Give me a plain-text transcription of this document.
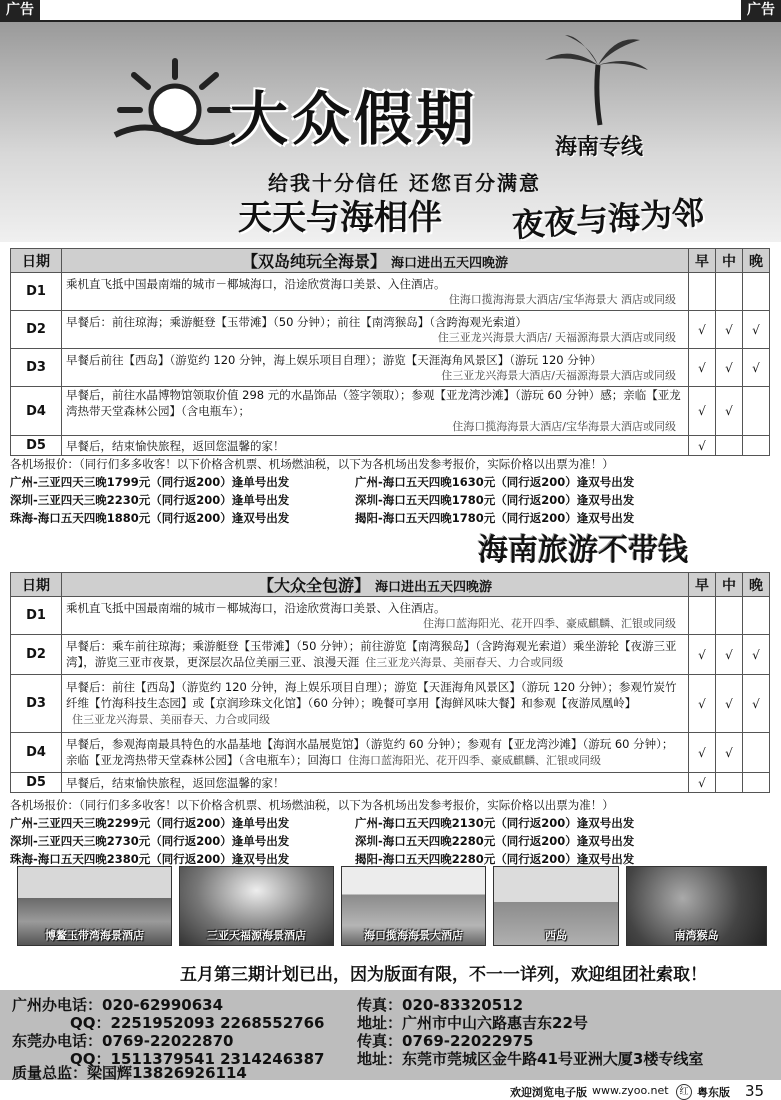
广告	广告
大众假期	海南专线
给我十分信任 还您百分满意
夜夜与海为邻
天天与海相伴
日期	【双岛纯玩全海景】 海口进出五天四晚游	早	中	晚
D1	乘机直飞抵中国最南端的城市－椰城海口，沿途欣赏海口美景、入住酒店。
住海口揽海海景大酒店/宝华海景大 酒店或同级			

D2	早餐后：前往琼海；乘游艇登【玉带滩】（50 分钟）；前往【南湾猴岛】（含跨海观光索道）
住三亚龙兴海景大酒店/ 天福源海景大酒店或同级	√	√	√
D3	早餐后前往【西岛】（游览约 120 分钟，海上娱乐项目自理）；游览【天涯海角风景区】（游玩 120 分钟）
住三亚龙兴海景大酒店/天福源海景大酒店或同级	√	√	√
D4	早餐后，前往水晶博物馆领取价值 298 元的水晶饰品（签字领取）；参观【亚龙湾沙滩】（游玩 60 分钟）感；亲临【亚龙湾热带天堂森林公园】（含电瓶车）；
住海口揽海海景大酒店/宝华海景大酒店或同级	√	√	
D5	早餐后，结束愉快旅程，返回您温馨的家！	√		
各机场报价：（同行们多多收客！以下价格含机票、机场燃油税，以下为各机场出发参考报价，实际价格以出票为准！）
广州-三亚四天三晚1799元（同行返200）逢单号出发	广州-海口五天四晚1630元（同行返200）逢双号出发
深圳-三亚四天三晚2230元（同行返200）逢单号出发	深圳-海口五天四晚1780元（同行返200）逢双号出发
珠海-海口五天四晚1880元（同行返200）逢双号出发	揭阳-海口五天四晚1780元（同行返200）逢双号出发
海南旅游不带钱
日期	【大众全包游】 海口进出五天四晚游	早	中	晚
D1	乘机直飞抵中国最南端的城市－椰城海口，沿途欣赏海口美景、入住酒店。
住海口蓝海阳光、花开四季、豪威麒麟、汇银或同级			

D2	早餐后：乘车前往琼海；乘游艇登【玉带滩】（50 分钟）；前往游览【南湾猴岛】（含跨海观光索道）乘坐游轮【夜游三亚湾】，游览三亚市夜景，更深层次品位美丽三亚、浪漫天涯 住三亚龙兴海景、美丽春天、力合或同级	√	√	√
D3	早餐后：前往【西岛】（游览约 120 分钟，海上娱乐项目自理）；游览【天涯海角风景区】（游玩 120 分钟）；参观竹炭竹纤维【竹海科技生态园】或【京润珍珠文化馆】（60 分钟）；晚餐可享用【海鲜风味大餐】和参观【夜游凤凰岭】
住三亚龙兴海景、美丽春天、力合或同级	√	√	√
D4	早餐后，参观海南最具特色的水晶基地【海润水晶展览馆】（游览约 60 分钟）；参观有【亚龙湾沙滩】（游玩 60 分钟）；亲临【亚龙湾热带天堂森林公园】（含电瓶车）；回海口 住海口蓝海阳光、花开四季、豪威麒麟、汇银或同级	√	√	
D5	早餐后，结束愉快旅程，返回您温馨的家！	√		
各机场报价：（同行们多多收客！以下价格含机票、机场燃油税，以下为各机场出发参考报价，实际价格以出票为准！）
广州-三亚四天三晚2299元（同行返200）逢单号出发	广州-海口五天四晚2130元（同行返200）逢双号出发
深圳-三亚四天三晚2730元（同行返200）逢单号出发	深圳-海口五天四晚2280元（同行返200）逢双号出发
珠海-海口五天四晚2380元（同行返200）逢双号出发	揭阳-海口五天四晚2280元（同行返200）逢双号出发
博鳌玉带湾海景酒店	三亚天福源海景酒店	海口揽海海景大酒店	西岛	南湾猴岛
五月第三期计划已出，因为版面有限，不一一详列，欢迎组团社索取！
广州办电话：020-62990634	传真：020-83320512
QQ：2251952093 2268552766 地址：广州市中山六路惠吉东22号
东莞办电话：0769-22022870	传真：0769-22022975
QQ：1511379541 2314246387 地址：东莞市莞城区金牛路41号亚洲大厦3楼专线室
质量总监：梁国辉13826926114
欢迎浏览电子版 www.zyoo.net	红 粤东版 35
